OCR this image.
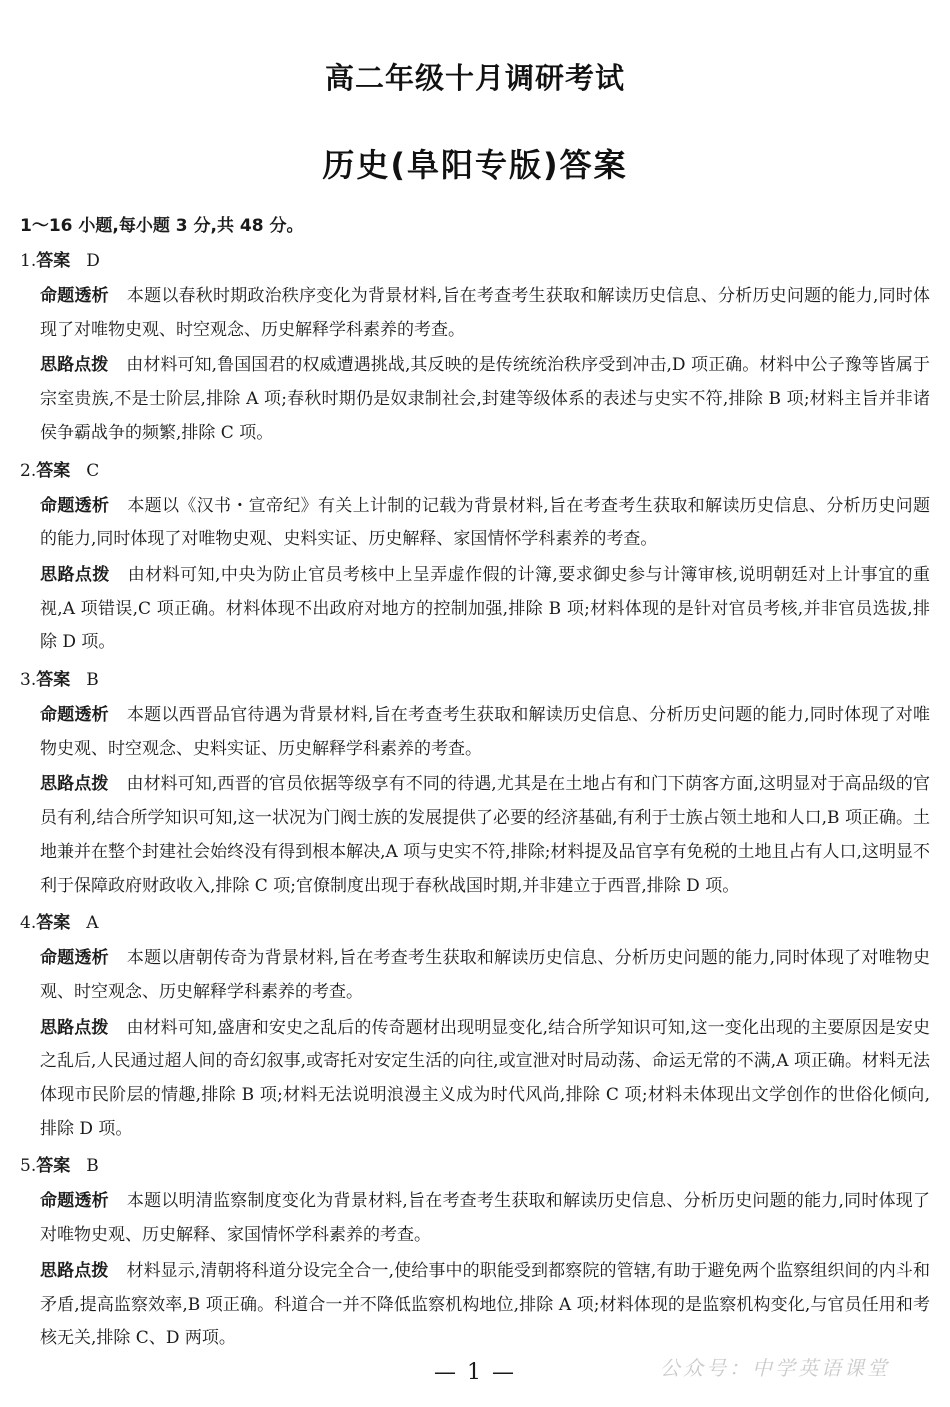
高二年级十月调研考试
历史(阜阳专版)答案
1～16 小题,每小题 3 分,共 48 分。
1.答案 D
命题透析 本题以春秋时期政治秩序变化为背景材料,旨在考查考生获取和解读历史信息、分析历史问题的能力,同时体现了对唯物史观、时空观念、历史解释学科素养的考查。
思路点拨 由材料可知,鲁国国君的权威遭遇挑战,其反映的是传统统治秩序受到冲击,D 项正确。材料中公子豫等皆属于宗室贵族,不是士阶层,排除 A 项;春秋时期仍是奴隶制社会,封建等级体系的表述与史实不符,排除 B 项;材料主旨并非诸侯争霸战争的频繁,排除 C 项。
2.答案 C
命题透析 本题以《汉书・宣帝纪》有关上计制的记载为背景材料,旨在考查考生获取和解读历史信息、分析历史问题的能力,同时体现了对唯物史观、史料实证、历史解释、家国情怀学科素养的考查。
思路点拨 由材料可知,中央为防止官员考核中上呈弄虚作假的计簿,要求御史参与计簿审核,说明朝廷对上计事宜的重视,A 项错误,C 项正确。材料体现不出政府对地方的控制加强,排除 B 项;材料体现的是针对官员考核,并非官员选拔,排除 D 项。
3.答案 B
命题透析 本题以西晋品官待遇为背景材料,旨在考查考生获取和解读历史信息、分析历史问题的能力,同时体现了对唯物史观、时空观念、史料实证、历史解释学科素养的考查。
思路点拨 由材料可知,西晋的官员依据等级享有不同的待遇,尤其是在土地占有和门下荫客方面,这明显对于高品级的官员有利,结合所学知识可知,这一状况为门阀士族的发展提供了必要的经济基础,有利于士族占领土地和人口,B 项正确。土地兼并在整个封建社会始终没有得到根本解决,A 项与史实不符,排除;材料提及品官享有免税的土地且占有人口,这明显不利于保障政府财政收入,排除 C 项;官僚制度出现于春秋战国时期,并非建立于西晋,排除 D 项。
4.答案 A
命题透析 本题以唐朝传奇为背景材料,旨在考查考生获取和解读历史信息、分析历史问题的能力,同时体现了对唯物史观、时空观念、历史解释学科素养的考查。
思路点拨 由材料可知,盛唐和安史之乱后的传奇题材出现明显变化,结合所学知识可知,这一变化出现的主要原因是安史之乱后,人民通过超人间的奇幻叙事,或寄托对安定生活的向往,或宣泄对时局动荡、命运无常的不满,A 项正确。材料无法体现市民阶层的情趣,排除 B 项;材料无法说明浪漫主义成为时代风尚,排除 C 项;材料未体现出文学创作的世俗化倾向,排除 D 项。
5.答案 B
命题透析 本题以明清监察制度变化为背景材料,旨在考查考生获取和解读历史信息、分析历史问题的能力,同时体现了对唯物史观、历史解释、家国情怀学科素养的考查。
思路点拨 材料显示,清朝将科道分设完全合一,使给事中的职能受到都察院的管辖,有助于避免两个监察组织间的内斗和矛盾,提高监察效率,B 项正确。科道合一并不降低监察机构地位,排除 A 项;材料体现的是监察机构变化,与官员任用和考核无关,排除 C、D 两项。
— 1 —	公众号：中学英语课堂
